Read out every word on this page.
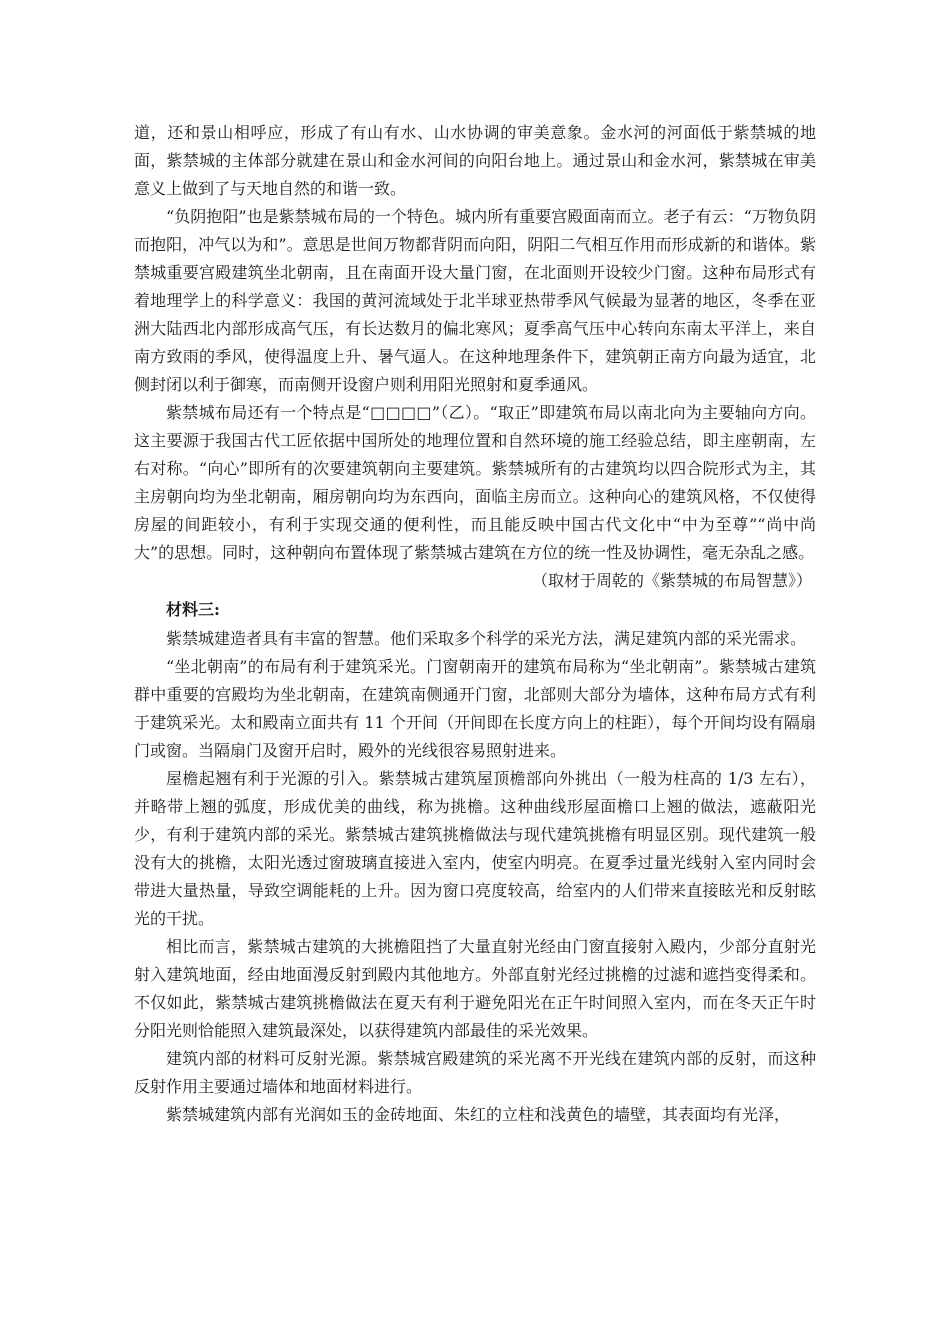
道，还和景山相呼应，形成了有山有水、山水协调的审美意象。金水河的河面低于紫禁城的地面，紫禁城的主体部分就建在景山和金水河间的向阳台地上。通过景山和金水河，紫禁城在审美意义上做到了与天地自然的和谐一致。

“负阴抱阳”也是紫禁城布局的一个特色。城内所有重要宫殿面南而立。老子有云：“万物负阴而抱阳，冲气以为和”。意思是世间万物都背阴而向阳，阴阳二气相互作用而形成新的和谐体。紫禁城重要宫殿建筑坐北朝南，且在南面开设大量门窗，在北面则开设较少门窗。这种布局形式有着地理学上的科学意义：我国的黄河流域处于北半球亚热带季风气候最为显著的地区，冬季在亚洲大陆西北内部形成高气压，有长达数月的偏北寒风；夏季高气压中心转向东南太平洋上，来自南方致雨的季风，使得温度上升、暑气逼人。在这种地理条件下，建筑朝正南方向最为适宜，北侧封闭以利于御寒，而南侧开设窗户则利用阳光照射和夏季通风。

紫禁城布局还有一个特点是“□□□□”（乙）。“取正”即建筑布局以南北向为主要轴向方向。这主要源于我国古代工匠依据中国所处的地理位置和自然环境的施工经验总结，即主座朝南，左右对称。“向心”即所有的次要建筑朝向主要建筑。紫禁城所有的古建筑均以四合院形式为主，其主房朝向均为坐北朝南，厢房朝向均为东西向，面临主房而立。这种向心的建筑风格，不仅使得房屋的间距较小，有利于实现交通的便利性，而且能反映中国古代文化中“中为至尊”“尚中尚大”的思想。同时，这种朝向布置体现了紫禁城古建筑在方位的统一性及协调性，毫无杂乱之感。

（取材于周乾的《紫禁城的布局智慧》）

材料三:

紫禁城建造者具有丰富的智慧。他们采取多个科学的采光方法，满足建筑内部的采光需求。

“坐北朝南”的布局有利于建筑采光。门窗朝南开的建筑布局称为“坐北朝南”。紫禁城古建筑群中重要的宫殿均为坐北朝南，在建筑南侧通开门窗，北部则大部分为墙体，这种布局方式有利于建筑采光。太和殿南立面共有 11 个开间（开间即在长度方向上的柱距），每个开间均设有隔扇门或窗。当隔扇门及窗开启时，殿外的光线很容易照射进来。

屋檐起翘有利于光源的引入。紫禁城古建筑屋顶檐部向外挑出（一般为柱高的 1/3 左右），并略带上翘的弧度，形成优美的曲线，称为挑檐。这种曲线形屋面檐口上翘的做法，遮蔽阳光少，有利于建筑内部的采光。紫禁城古建筑挑檐做法与现代建筑挑檐有明显区别。现代建筑一般没有大的挑檐，太阳光透过窗玻璃直接进入室内，使室内明亮。在夏季过量光线射入室内同时会带进大量热量，导致空调能耗的上升。因为窗口亮度较高，给室内的人们带来直接眩光和反射眩光的干扰。

相比而言，紫禁城古建筑的大挑檐阻挡了大量直射光经由门窗直接射入殿内，少部分直射光射入建筑地面，经由地面漫反射到殿内其他地方。外部直射光经过挑檐的过滤和遮挡变得柔和。不仅如此，紫禁城古建筑挑檐做法在夏天有利于避免阳光在正午时间照入室内，而在冬天正午时分阳光则恰能照入建筑最深处，以获得建筑内部最佳的采光效果。

建筑内部的材料可反射光源。紫禁城宫殿建筑的采光离不开光线在建筑内部的反射，而这种反射作用主要通过墙体和地面材料进行。

紫禁城建筑内部有光润如玉的金砖地面、朱红的立柱和浅黄色的墙壁，其表面均有光泽，
